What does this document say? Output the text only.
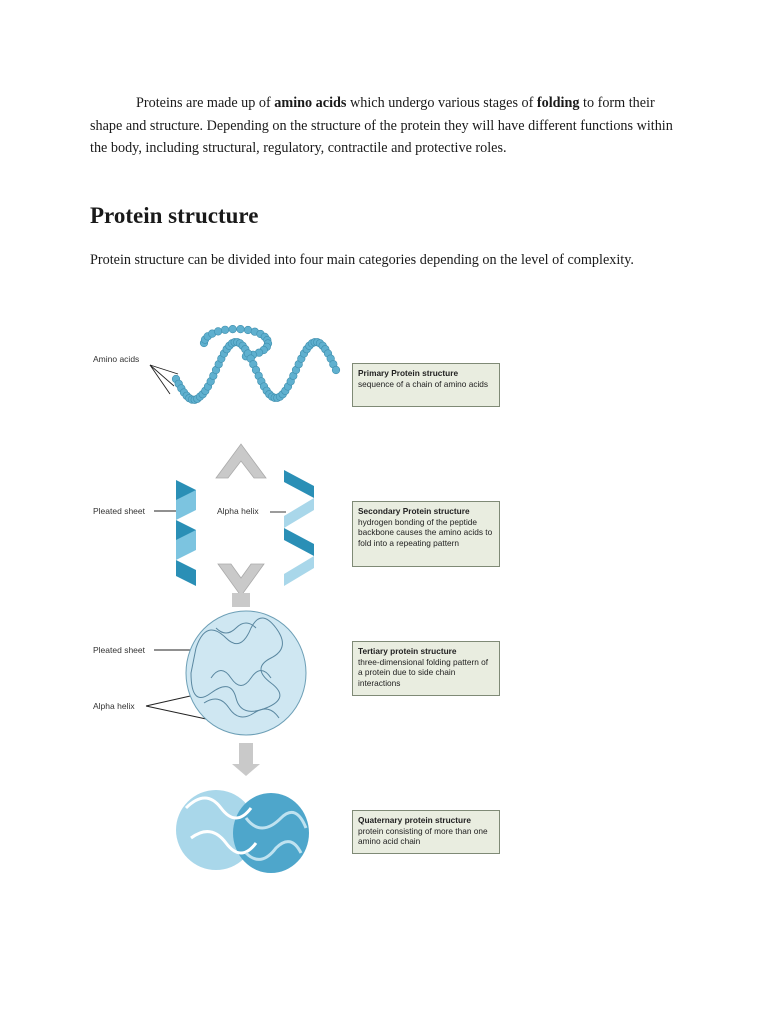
Proteins are made up of amino acids which undergo various stages of folding to form their shape and structure. Depending on the structure of the protein they will have different functions within the body, including structural, regulatory, contractile and protective roles.

Protein structure

Protein structure can be divided into four main categories depending on the level of complexity.

Amino acids
Pleated sheet	Alpha helix
Pleated sheet
Alpha helix
Primary Protein structure
sequence of a chain of amino acids
Secondary Protein structure
hydrogen bonding of the peptide backbone causes the amino acids to fold into a repeating pattern
Tertiary protein structure
three-dimensional folding pattern of a protein due to side chain interactions
Quaternary protein structure
protein consisting of more than one amino acid chain
